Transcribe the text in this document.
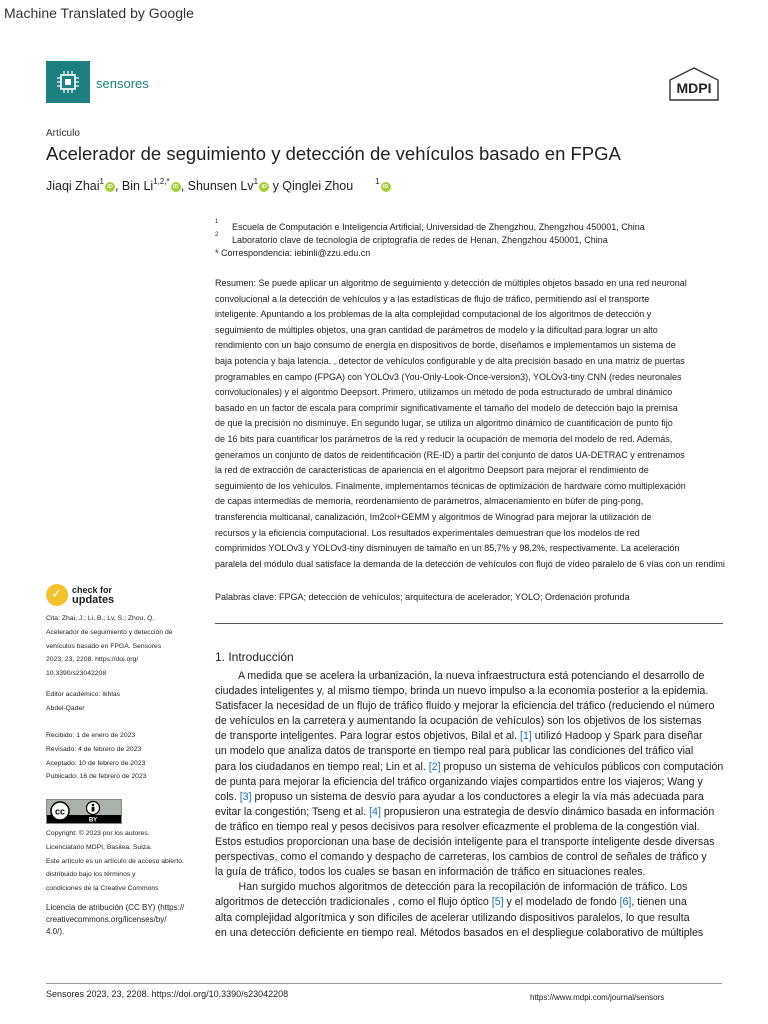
Machine Translated by Google
sensores	MDPI
Artículo
Acelerador de seguimiento y detección de vehículos basado en FPGA
Jiaqi Zhai$^1$iD , Bin $Li^{1,2,*}iD$ , Shunsen Lv$^1$iD y Qinglei Zhou	$^1$iD
1 Escuela de Computación e Inteligencia Artificial, Universidad de Zhengzhou, Zhengzhou 450001, China
2 Laboratorio clave de tecnología de criptografía de redes de Henan, Zhengzhou 450001, China
* Correspondencia: iebinli@zzu.edu.cn
Resumen: Se puede aplicar un algoritmo de seguimiento y detección de múltiples objetos basado en una red neuronal
convolucional a la detección de vehículos y a las estadísticas de flujo de tráfico, permitiendo así el transporte
inteligente. Apuntando a los problemas de la alta complejidad computacional de los algoritmos de detección y
seguimiento de múltiples objetos, una gran cantidad de parámetros de modelo y la dificultad para lograr un alto
rendimiento con un bajo consumo de energía en dispositivos de borde, diseñamos e implementamos un sistema de
baja potencia y baja latencia. , detector de vehículos configurable y de alta precisión basado en una matriz de puertas
programables en campo (FPGA) con YOLOv3 (You-Only-Look-Once-version3), YOLOv3-tiny CNN (redes neuronales
convolucionales) y el algoritmo Deepsort. Primero, utilizamos un método de poda estructurado de umbral dinámico
basado en un factor de escala para comprimir significativamente el tamaño del modelo de detección bajo la premisa
de que la precisión no disminuye. En segundo lugar, se utiliza un algoritmo dinámico de cuantificación de punto fijo
de 16 bits para cuantificar los parámetros de la red y reducir la ocupación de memoria del modelo de red. Además,
generamos un conjunto de datos de reidentificación (RE-ID) a partir del conjunto de datos UA-DETRAC y entrenamos
la red de extracción de características de apariencia en el algoritmo Deepsort para mejorar el rendimiento de
seguimiento de los vehículos. Finalmente, implementamos técnicas de optimización de hardware como multiplexación
de capas intermedias de memoria, reordenamiento de parámetros, almacenamiento en búfer de ping-pong,
transferencia multicanal, canalización, Im2col+GEMM y algoritmos de Winograd para mejorar la utilización de
recursos y la eficiencia computacional. Los resultados experimentales demuestran que los modelos de red
comprimidos YOLOv3 y YOLOv3-tiny disminuyen de tamaño en un 85,7% y 98,2%, respectivamente. La aceleración
paralela del módulo dual satisface la demanda de la detección de vehículos con flujo de vídeo paralelo de 6 vías con un rendimi
Palabras clave: FPGA; detección de vehículos; arquitectura de acelerador; YOLO; Ordenación profunda
1. Introducción
A medida que se acelera la urbanización, la nueva infraestructura está potenciando el desarrollo de
ciudades inteligentes y, al mismo tiempo, brinda un nuevo impulso a la economía posterior a la epidemia.
Satisfacer la necesidad de un flujo de tráfico fluido y mejorar la eficiencia del tráfico (reduciendo el número
de vehículos en la carretera y aumentando la ocupación de vehículos) son los objetivos de los sistemas
de transporte inteligentes. Para lograr estos objetivos, Bilal et al. [1] utilizó Hadoop y Spark para diseñar
un modelo que analiza datos de transporte en tiempo real para publicar las condiciones del tráfico vial
para los ciudadanos en tiempo real; Lin et al. [2] propuso un sistema de vehículos públicos con computación
de punta para mejorar la eficiencia del tráfico organizando viajes compartidos entre los viajeros; Wang y
cols. [3] propuso un sistema de desvío para ayudar a los conductores a elegir la vía más adecuada para
evitar la congestión; Tseng et al. [4] propusieron una estrategia de desvío dinámico basada en información
de tráfico en tiempo real y pesos decisivos para resolver eficazmente el problema de la congestión vial.
Estos estudios proporcionan una base de decisión inteligente para el transporte inteligente desde diversas
perspectivas, como el comando y despacho de carreteras, los cambios de control de señales de tráfico y
la guía de tráfico, todos los cuales se basan en información de tráfico en situaciones reales.
Han surgido muchos algoritmos de detección para la recopilación de información de tráfico. Los
algoritmos de detección tradicionales , como el flujo óptico [5] y el modelado de fondo [6], tienen una
alta complejidad algorítmica y son difíciles de acelerar utilizando dispositivos paralelos, lo que resulta
en una detección deficiente en tiempo real. Métodos basados en el despliegue colaborativo de múltiples
✓ check for
updates
Cita: Zhai, J.; Li, B.; Lv, S.; Zhou, Q.
Acelerador de seguimiento y detección de
vehículos basado en FPGA. Sensores
2023, 23, 2208. https://doi.org/
10.3390/s23042208
Editor académico: Ikhlas
Abdel-Qader
Recibido: 1 de enero de 2023
Revisado: 4 de febrero de 2023
Aceptado: 10 de febrero de 2023
Publicado: 16 de febrero de 2023
cc
BY
Copyright: © 2023 por los autores.
Licenciatario MDPI, Basilea, Suiza.
Este artículo es un artículo de acceso abierto.
distribuido bajo los términos y
condiciones de la Creative Commons
Licencia de atribución (CC BY) (https://
creativecommons.org/licenses/by/
4.0/).
Sensores 2023, 23, 2208. https://doi.org/10.3390/s23042208	https://www.mdpi.com/journal/sensors
